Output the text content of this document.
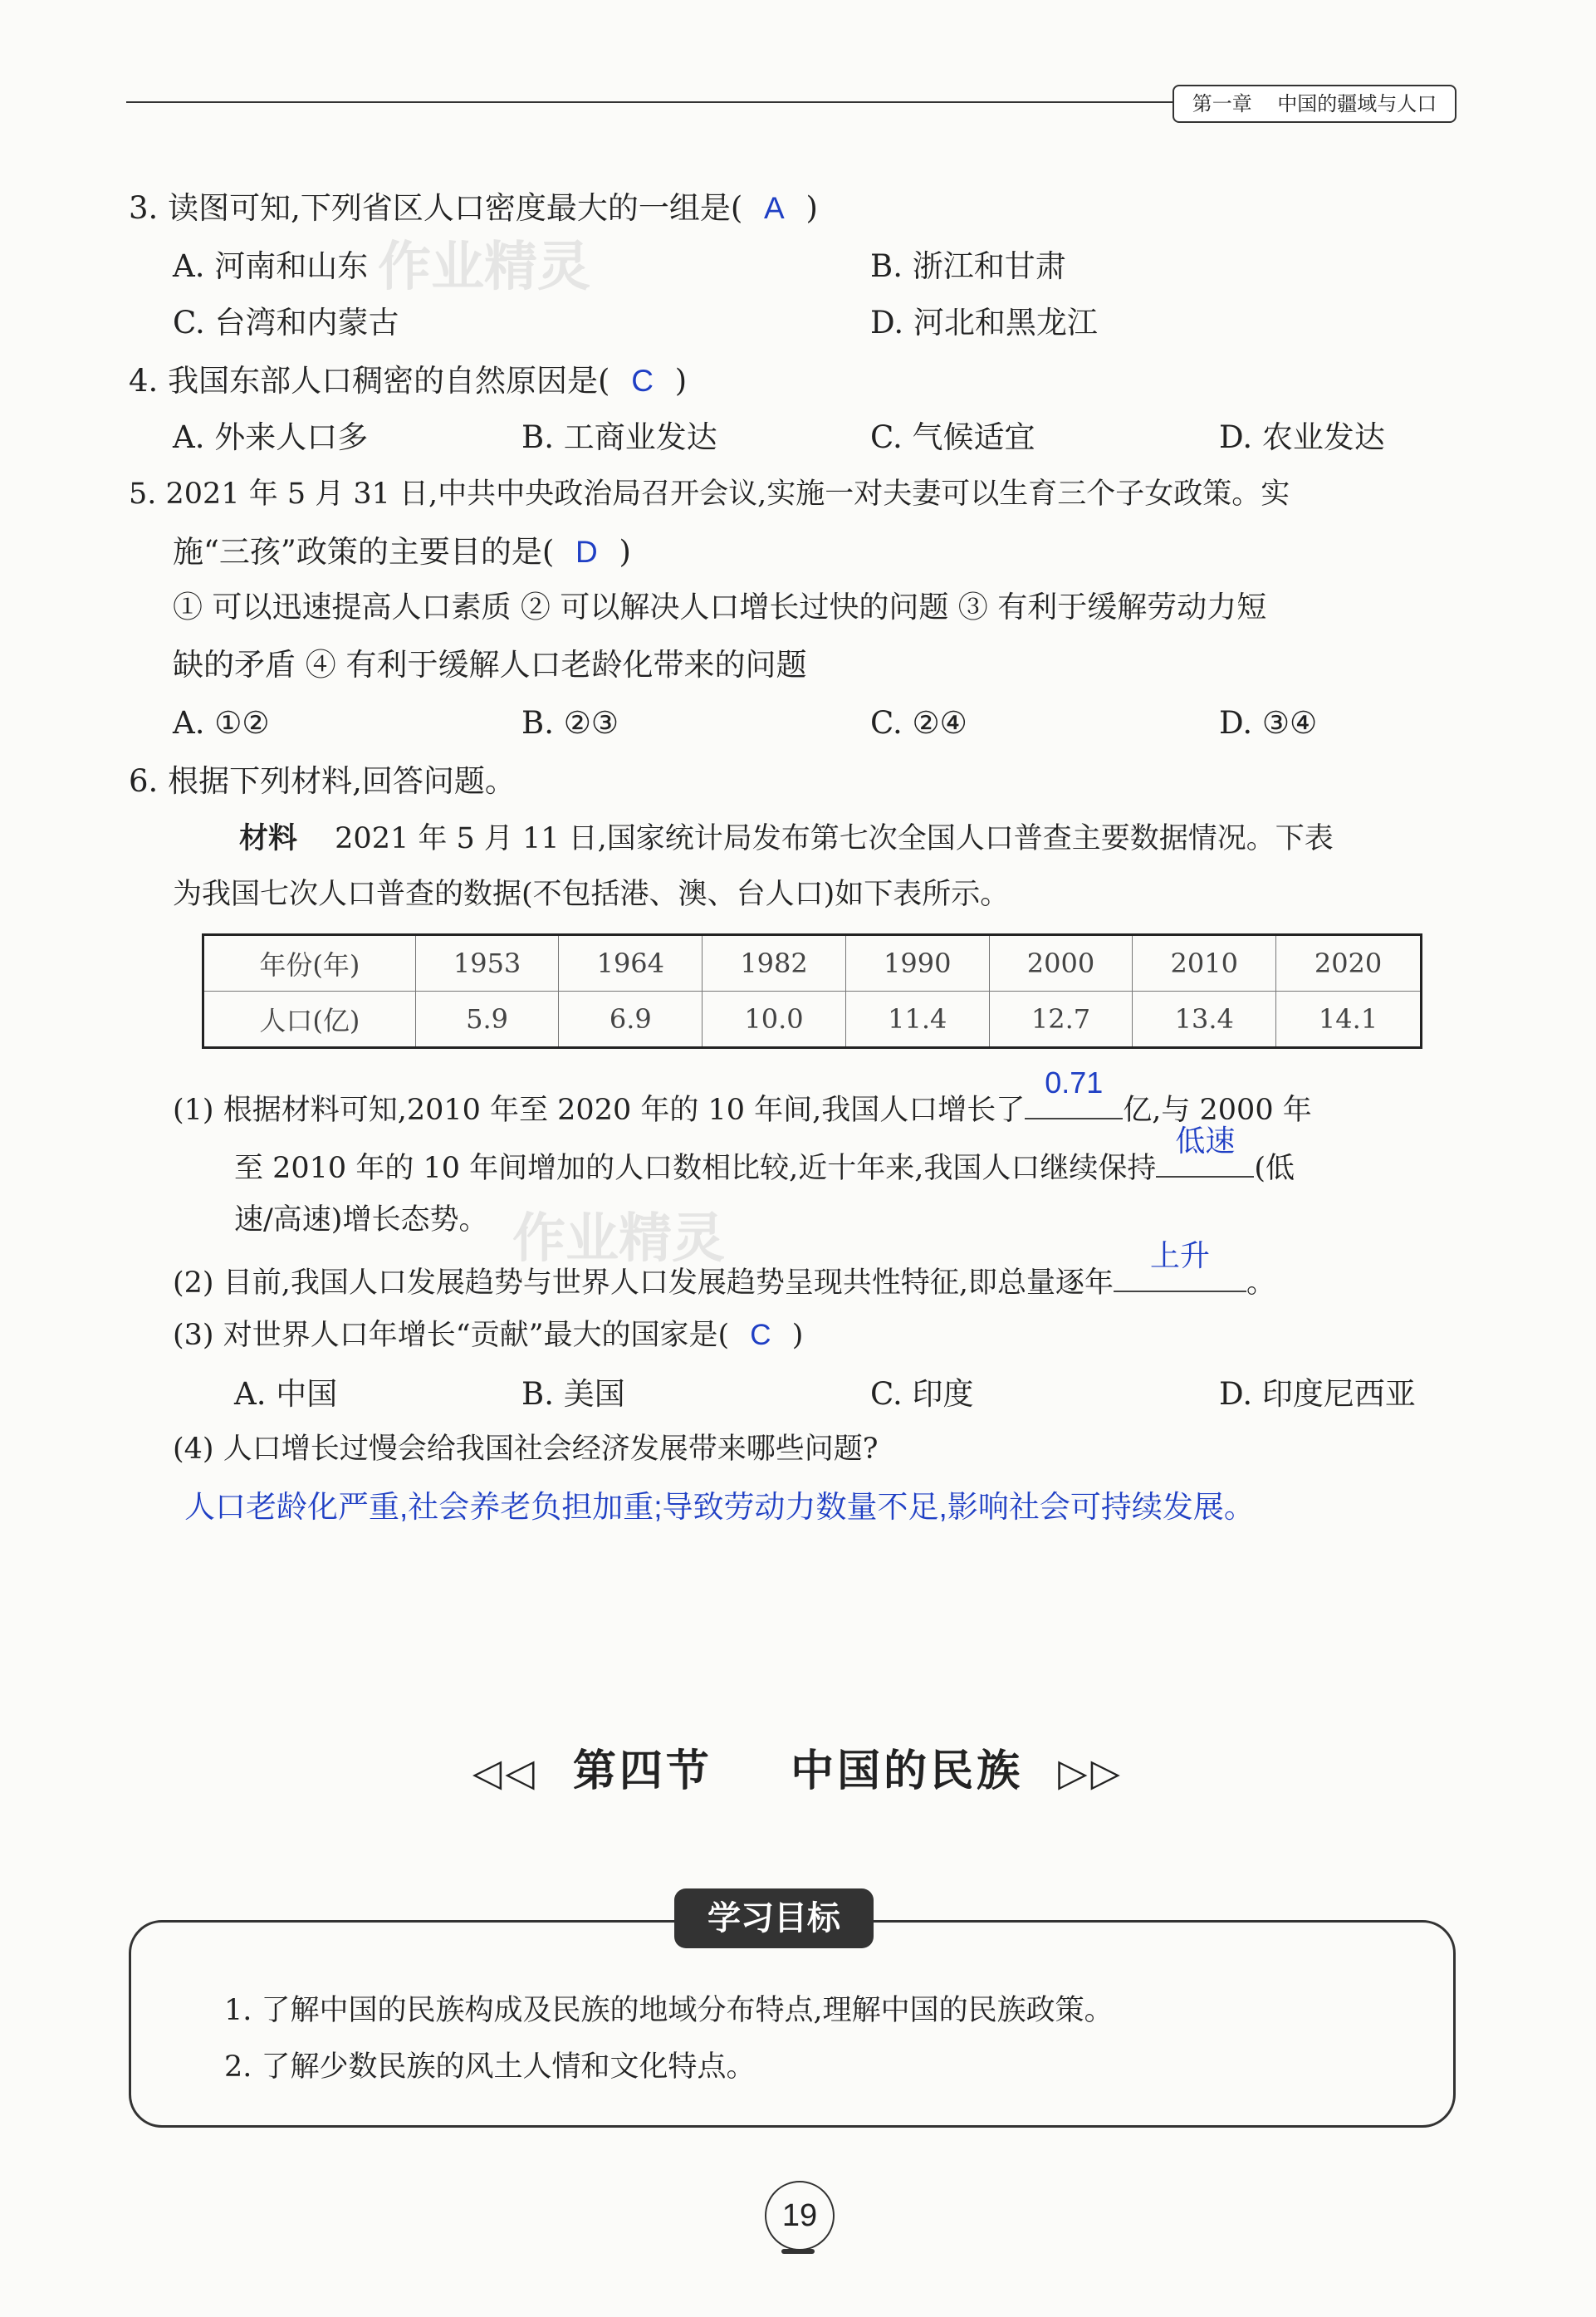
第一章 中国的疆域与人口
作业精灵
作业精灵
3. 读图可知,下列省区人口密度最大的一组是( A )
A. 河南和山东	B. 浙江和甘肃
C. 台湾和内蒙古	D. 河北和黑龙江
4. 我国东部人口稠密的自然原因是( C )
A. 外来人口多	B. 工商业发达	C. 气候适宜	D. 农业发达
5. 2021 年 5 月 31 日,中共中央政治局召开会议,实施一对夫妻可以生育三个子女政策。实
施“三孩”政策的主要目的是( D )
① 可以迅速提高人口素质 ② 可以解决人口增长过快的问题 ③ 有利于缓解劳动力短
缺的矛盾 ④ 有利于缓解人口老龄化带来的问题
A. ①②	B. ②③	C. ②④	D. ③④
6. 根据下列材料,回答问题。
材料 2021 年 5 月 11 日,国家统计局发布第七次全国人口普查主要数据情况。下表
为我国七次人口普查的数据(不包括港、澳、台人口)如下表所示。
年份(年)	1953	1964	1982	1990	2000	2010	2020
人口(亿)	5.9	6.9	10.0	11.4	12.7	13.4	14.1
(1) 根据材料可知,2010 年至 2020 年的 10 年间,我国人口增长了
0.71
亿,与 2000 年
至 2010 年的 10 年间增加的人口数相比较,近十年来,我国人口继续保持
低速
(低
速/高速)增长态势。
(2) 目前,我国人口发展趋势与世界人口发展趋势呈现共性特征,即总量逐年
上升
。
(3) 对世界人口年增长“贡献”最大的国家是( C )
A. 中国	B. 美国	C. 印度	D. 印度尼西亚
(4) 人口增长过慢会给我国社会经济发展带来哪些问题?
人口老龄化严重,社会养老负担加重;导致劳动力数量不足,影响社会可持续发展。
◁◁ 第四节 中国的民族 ▷▷
学习目标
1. 了解中国的民族构成及民族的地域分布特点,理解中国的民族政策。
2. 了解少数民族的风土人情和文化特点。
19
